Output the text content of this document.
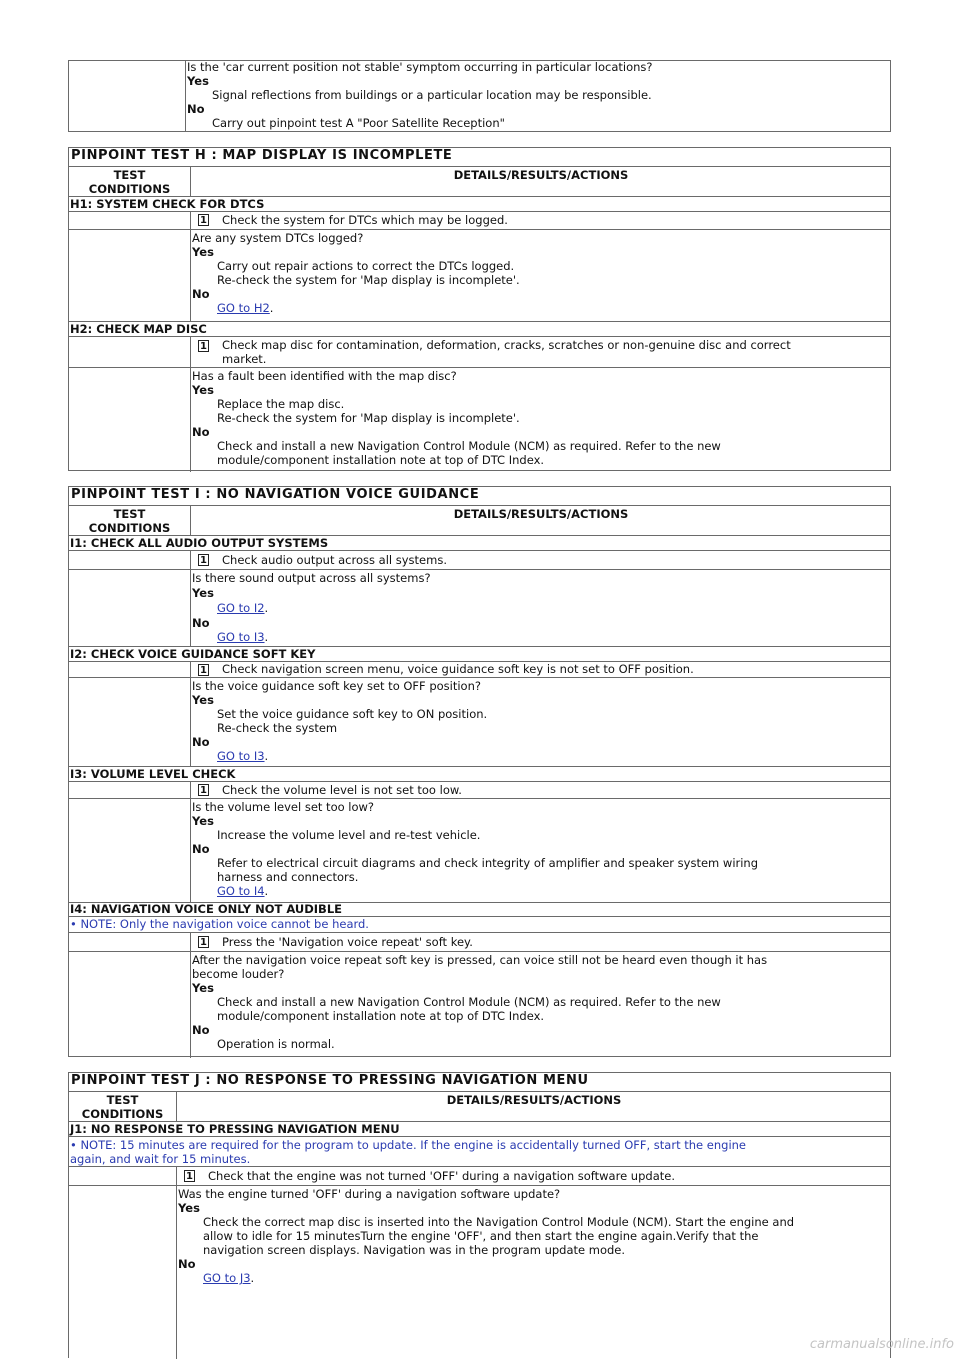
Is the 'car current position not stable' symptom occurring in particular locations?
Yes
Signal reflections from buildings or a particular location may be responsible.
No
Carry out pinpoint test A "Poor Satellite Reception"
PINPOINT TEST H : MAP DISPLAY IS INCOMPLETE
TEST
CONDITIONS
DETAILS/RESULTS/ACTIONS
H1: SYSTEM CHECK FOR DTCS
1 Check the system for DTCs which may be logged.
Are any system DTCs logged?
Yes
Carry out repair actions to correct the DTCs logged.
Re-check the system for 'Map display is incomplete'.
No
GO to H2.
H2: CHECK MAP DISC
1 Check map disc for contamination, deformation, cracks, scratches or non-genuine disc and correct
market.
Has a fault been identified with the map disc?
Yes
Replace the map disc.
Re-check the system for 'Map display is incomplete'.
No
Check and install a new Navigation Control Module (NCM) as required. Refer to the new
module/component installation note at top of DTC Index.
PINPOINT TEST I : NO NAVIGATION VOICE GUIDANCE
TEST
CONDITIONS
DETAILS/RESULTS/ACTIONS
I1: CHECK ALL AUDIO OUTPUT SYSTEMS
1 Check audio output across all systems.
Is there sound output across all systems?
Yes
GO to I2.
No
GO to I3.
I2: CHECK VOICE GUIDANCE SOFT KEY
1 Check navigation screen menu, voice guidance soft key is not set to OFF position.
Is the voice guidance soft key set to OFF position?
Yes
Set the voice guidance soft key to ON position.
Re-check the system
No
GO to I3.
I3: VOLUME LEVEL CHECK
1 Check the volume level is not set too low.
Is the volume level set too low?
Yes
Increase the volume level and re-test vehicle.
No
Refer to electrical circuit diagrams and check integrity of amplifier and speaker system wiring
harness and connectors.
GO to I4.
I4: NAVIGATION VOICE ONLY NOT AUDIBLE
• NOTE: Only the navigation voice cannot be heard.
1 Press the 'Navigation voice repeat' soft key.
After the navigation voice repeat soft key is pressed, can voice still not be heard even though it has
become louder?
Yes
Check and install a new Navigation Control Module (NCM) as required. Refer to the new
module/component installation note at top of DTC Index.
No
Operation is normal.
PINPOINT TEST J : NO RESPONSE TO PRESSING NAVIGATION MENU
TEST
CONDITIONS
DETAILS/RESULTS/ACTIONS
J1: NO RESPONSE TO PRESSING NAVIGATION MENU
• NOTE: 15 minutes are required for the program to update. If the engine is accidentally turned OFF, start the engine
again, and wait for 15 minutes.
1 Check that the engine was not turned 'OFF' during a navigation software update.
Was the engine turned 'OFF' during a navigation software update?
Yes
Check the correct map disc is inserted into the Navigation Control Module (NCM). Start the engine and
allow to idle for 15 minutesTurn the engine 'OFF', and then start the engine again.Verify that the
navigation screen displays. Navigation was in the program update mode.
No
GO to J3.
carmanualsonline.info
